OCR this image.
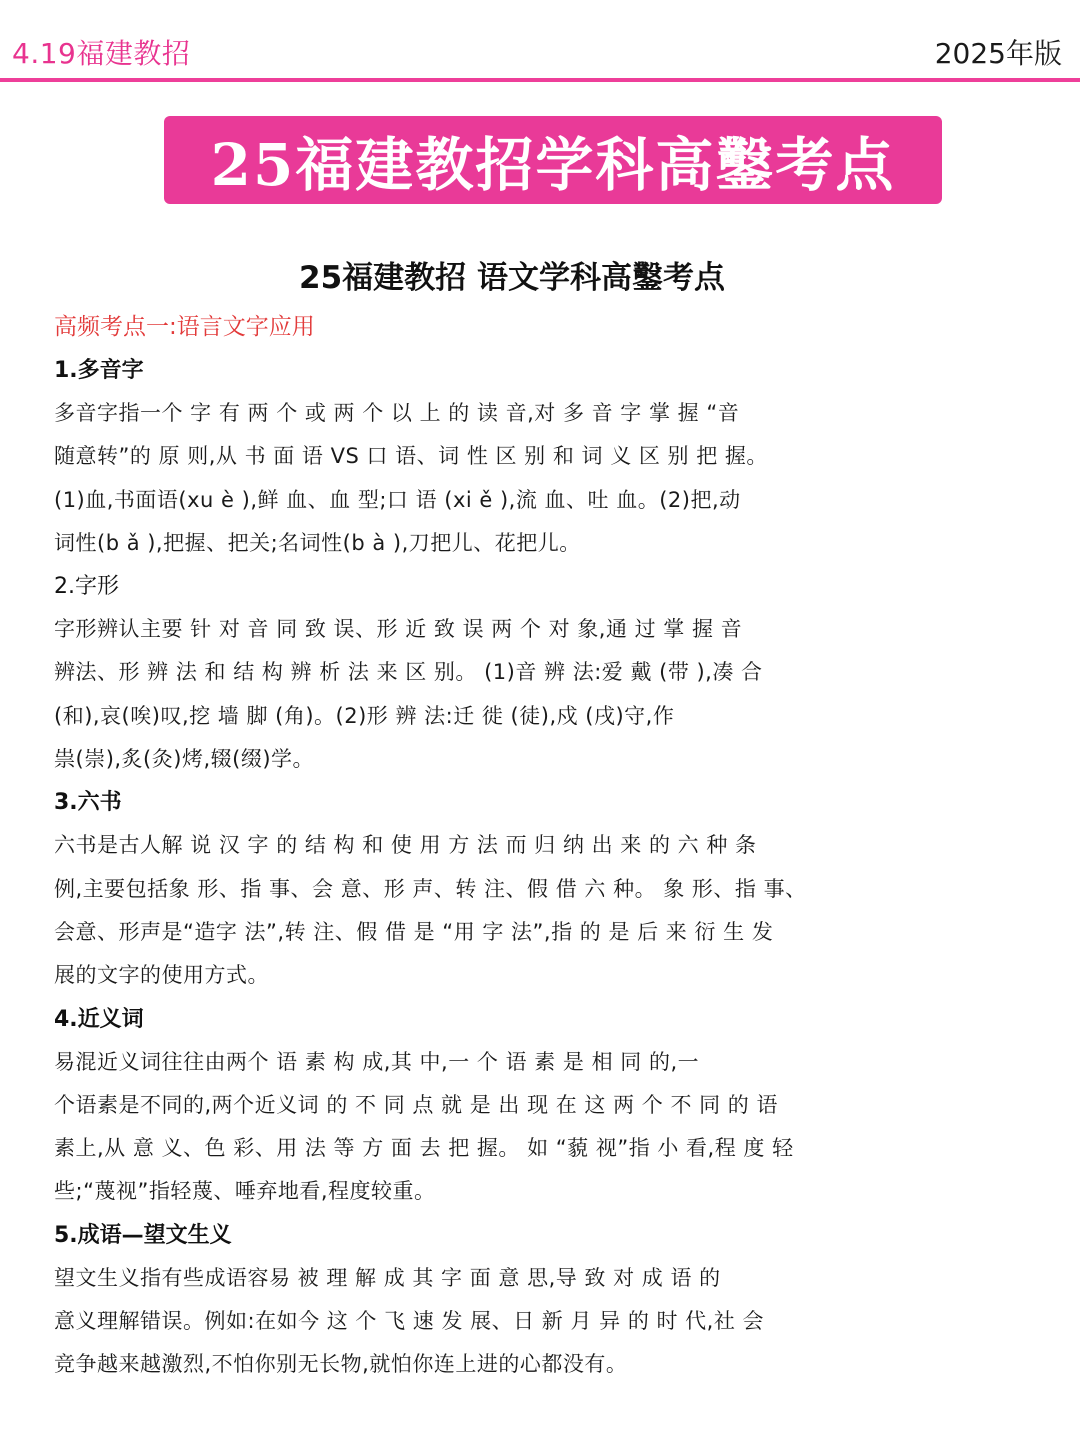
4.19福建教招	2025年版
25福建教招学科高鑿考点
25福建教招 语文学科高鑿考点
高频考点一:语言文字应用
1.多音字
多音字指一个 字 有 两 个 或 两 个 以 上 的 读 音,对 多 音 字 掌 握 “音
随意转”的 原 则,从 书 面 语 VS 口 语、词 性 区 别 和 词 义 区 别 把 握。
(1)血,书面语(xu è ),鲜 血、血 型;口 语 (xi ě ),流 血、吐 血。(2)把,动
词性(b ǎ ),把握、把关;名词性(b à ),刀把儿、花把儿。
2.字形
字形辨认主要 针 对 音 同 致 误、形 近 致 误 两 个 对 象,通 过 掌 握 音
辨法、形 辨 法 和 结 构 辨 析 法 来 区 别。 (1)音 辨 法:爱 戴 (带 ),凑 合
(和),哀(唉)叹,挖 墙 脚 (角)。(2)形 辨 法:迁 徙 (徒),戍 (戌)守,作
祟(崇),炙(灸)烤,辍(缀)学。
3.六书
六书是古人解 说 汉 字 的 结 构 和 使 用 方 法 而 归 纳 出 来 的 六 种 条
例,主要包括象 形、指 事、会 意、形 声、转 注、假 借 六 种。 象 形、指 事、
会意、形声是“造字 法”,转 注、假 借 是 “用 字 法”,指 的 是 后 来 衍 生 发
展的文字的使用方式。
4.近义词
易混近义词往往由两个 语 素 构 成,其 中,一 个 语 素 是 相 同 的,一
个语素是不同的,两个近义词 的 不 同 点 就 是 出 现 在 这 两 个 不 同 的 语
素上,从 意 义、色 彩、用 法 等 方 面 去 把 握。 如 “藐 视”指 小 看,程 度 轻
些;“蔑视”指轻蔑、唾弃地看,程度较重。
5.成语—望文生义
望文生义指有些成语容易 被 理 解 成 其 字 面 意 思,导 致 对 成 语 的
意义理解错误。例如:在如今 这 个 飞 速 发 展、日 新 月 异 的 时 代,社 会
竞争越来越激烈,不怕你别无长物,就怕你连上进的心都没有。
